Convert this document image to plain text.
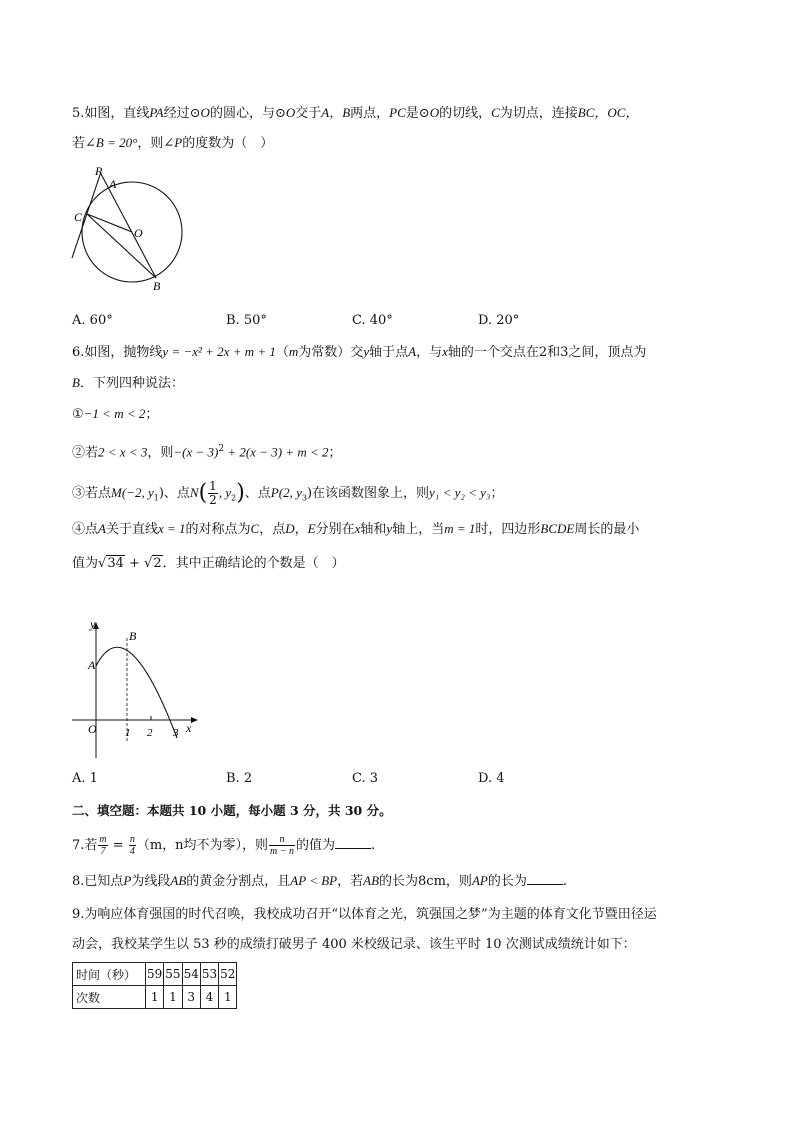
5.如图，直线PA经过⊙O的圆心，与⊙O交于A，B两点，PC是⊙O的切线，C为切点，连接BC，OC，
若∠B = 20°，则∠P的度数为（　）
P
A
C
O
B
A. 60°	B. 50°	C. 40°	D. 20°
6.如图，抛物线y = −x² + 2x + m + 1（m为常数）交y轴于点A，与x轴的一个交点在2和3之间，顶点为
B．下列四种说法：
①−1 < m < 2；
②若2 < x < 3，则$-(x - 3)^2 + 2(x - 3) + m < 2$；
③若点M(−2, $y_1$)、点$N( \frac{1}{2}$ , $y_2$)、点P(2, $y_3$)在该函数图象上，则y₁ < y₂ < y₃；
④点A关于直线x = 1的对称点为C，点D，E分别在x轴和y轴上，当m = 1时，四边形BCDE周长的最小
值为√34 + √2．其中正确结论的个数是（　）
y
x
B
A
O	1 2 3
A. 1	B. 2	C. 3	D. 4
二、填空题：本题共 10 小题，每小题 3 分，共 30 分。
7.若 $\frac{m}{7} = \frac{n}{4} (m$，n均不为零），则 $\frac{n}{m - n}$ 的值为	.
8.已知点P为线段AB的黄金分割点，且AP < BP，若AB的长为8cm，则AP的长为	.
9.为响应体育强国的时代召唤，我校成功召开“以体育之光，筑强国之梦”为主题的体育文化节暨田径运
动会，我校某学生以 53 秒的成绩打破男子 400 米校级记录、该生平时 10 次测试成绩统计如下：
时间（秒）	59	55	54	53	52
次数	1	1	3	4	1
